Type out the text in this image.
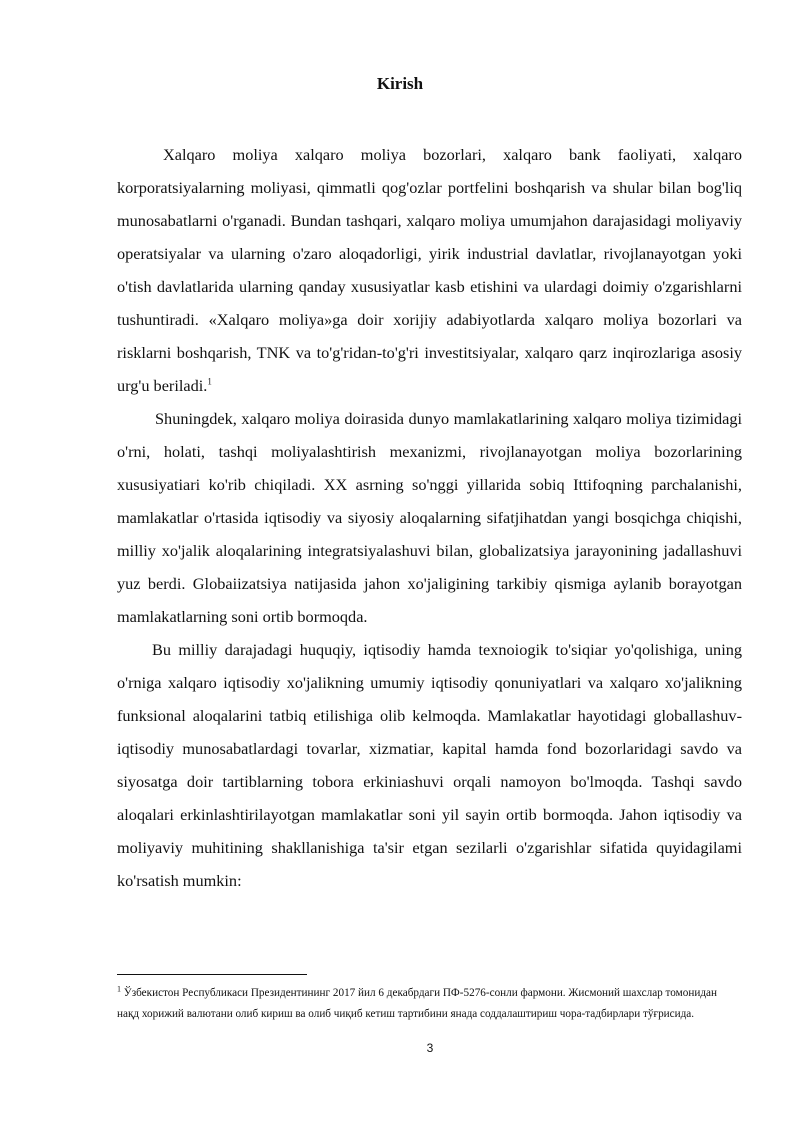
Kirish

Xalqaro moliya xalqaro moliya bozorlari, xalqaro bank faoliyati, xalqaro korporatsiyalarning moliyasi, qimmatli qog'ozlar portfelini boshqarish va shular bilan bog'liq munosabatlarni o'rganadi. Bundan tashqari, xalqaro moliya umumjahon darajasidagi moliyaviy operatsiyalar va ularning o'zaro aloqadorligi, yirik industrial davlatlar, rivojlanayotgan yoki o'tish davlatlarida ularning qanday xususiyatlar kasb etishini va ulardagi doimiy o'zgarishlarni tushuntiradi. «Xalqaro moliya»ga doir xorijiy adabiyotlarda xalqaro moliya bozorlari va risklarni boshqarish, TNK va to'g'ridan-to'g'ri investitsiyalar, xalqaro qarz inqirozlariga asosiy urg'u beriladi.$^1$

Shuningdek, xalqaro moliya doirasida dunyo mamlakatlarining xalqaro moliya tizimidagi o'rni, holati, tashqi moliyalashtirish mexanizmi, rivojlanayotgan moliya bozorlarining xususiyatiari ko'rib chiqiladi. XX asrning so'nggi yillarida sobiq Ittifoqning parchalanishi, mamlakatlar o'rtasida iqtisodiy va siyosiy aloqalarning sifatjihatdan yangi bosqichga chiqishi, milliy xo'jalik aloqalarining integratsiyalashuvi bilan, globalizatsiya jarayonining jadallashuvi yuz berdi. Globaiizatsiya natijasida jahon xo'jaligining tarkibiy qismiga aylanib borayotgan mamlakatlarning soni ortib bormoqda.

Bu milliy darajadagi huquqiy, iqtisodiy hamda texnoiogik to'siqiar yo'qolishiga, uning o'rniga xalqaro iqtisodiy xo'jalikning umumiy iqtisodiy qonuniyatlari va xalqaro xo'jalikning funksional aloqalarini tatbiq etilishiga olib kelmoqda. Mamlakatlar hayotidagi globallashuv-iqtisodiy munosabatlardagi tovarlar, xizmatiar, kapital hamda fond bozorlaridagi savdo va siyosatga doir tartiblarning tobora erkiniashuvi orqali namoyon bo'lmoqda. Tashqi savdo aloqalari erkinlashtirilayotgan mamlakatlar soni yil sayin ortib bormoqda. Jahon iqtisodiy va moliyaviy muhitining shakllanishiga ta'sir etgan sezilarli o'zgarishlar sifatida quyidagilami ko'rsatish mumkin:

$^1$ Ўзбекистон Республикаси Президентининг 2017 йил 6 декабрдаги ПФ-5276-сонли фармони. Жисмоний шахслар томонидан нақд хорижий валютани олиб кириш ва олиб чиқиб кетиш тартибини янада соддалаштириш чора-тадбирлари тўғрисида.
3
